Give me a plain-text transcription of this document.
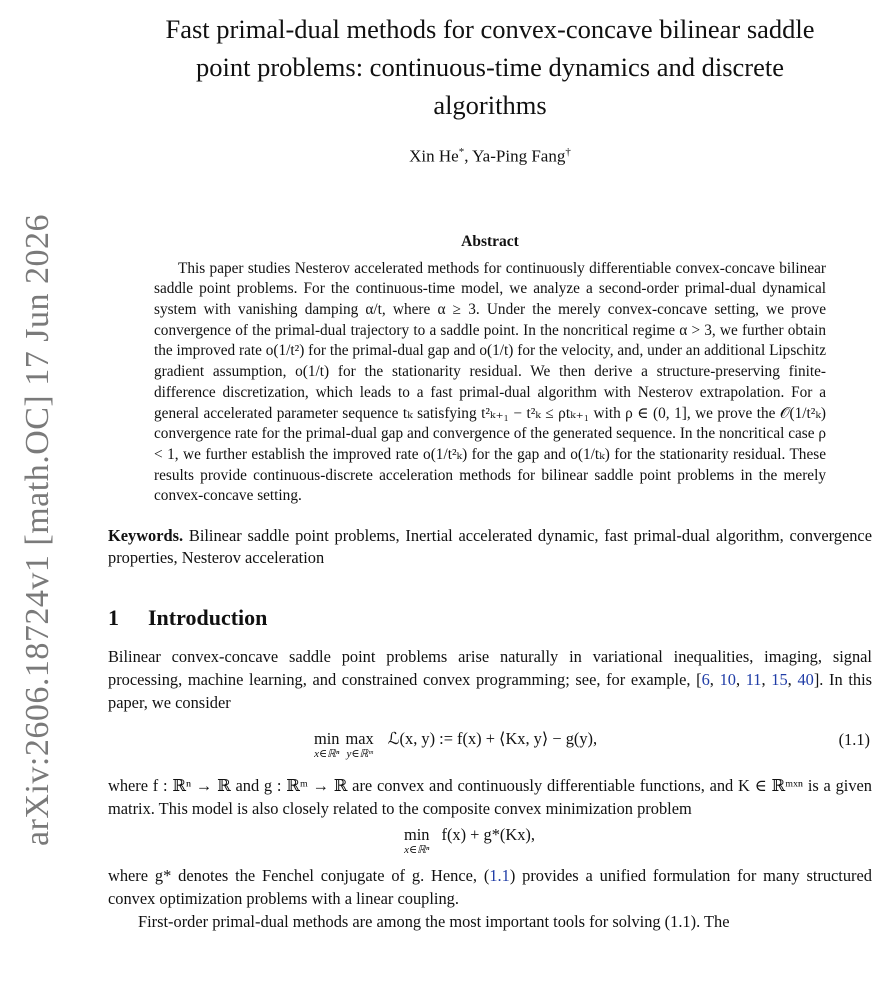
arXiv:2606.18724v1 [math.OC] 17 Jun 2026
Fast primal-dual methods for convex-concave bilinear saddle
point problems: continuous-time dynamics and discrete
algorithms
Xin He*, Ya-Ping Fang†
Abstract
This paper studies Nesterov accelerated methods for continuously differentiable convex-concave bilinear saddle point problems. For the continuous-time model, we analyze a second-order primal-dual dynamical system with vanishing damping α/t, where α ≥ 3. Under the merely convex-concave setting, we prove convergence of the primal-dual trajectory to a saddle point. In the noncritical regime α > 3, we further obtain the improved rate o(1/t²) for the primal-dual gap and o(1/t) for the velocity, and, under an additional Lipschitz gradient assumption, o(1/t) for the stationarity residual. We then derive a structure-preserving finite-difference discretization, which leads to a fast primal-dual algorithm with Nesterov extrapolation. For a general accelerated parameter sequence tₖ satisfying t²ₖ₊₁ − t²ₖ ≤ ρtₖ₊₁ with ρ ∈ (0, 1], we prove the 𝒪(1/t²ₖ) convergence rate for the primal-dual gap and convergence of the generated sequence. In the noncritical case ρ < 1, we further establish the improved rate o(1/t²ₖ) for the gap and o(1/tₖ) for the stationarity residual. These results provide continuous-discrete acceleration methods for bilinear saddle point problems in the merely convex-concave setting.
Keywords. Bilinear saddle point problems, Inertial accelerated dynamic, fast primal-dual algorithm, convergence properties, Nesterov acceleration
1 Introduction
Bilinear convex-concave saddle point problems arise naturally in variational inequalities, imaging, signal processing, machine learning, and constrained convex programming; see, for example, [6, 10, 11, 15, 40]. In this paper, we consider
min
x∈ℝⁿ
max
y∈ℝᵐ
ℒ(x, y) := f(x) + ⟨Kx, y⟩ − g(y),	(1.1)
where f : ℝⁿ → ℝ and g : ℝᵐ → ℝ are convex and continuously differentiable functions, and K ∈ ℝᵐˣⁿ is a given matrix. This model is also closely related to the composite convex minimization problem
min
x∈ℝⁿ
f(x) + g*(Kx),
where g* denotes the Fenchel conjugate of g. Hence, (1.1) provides a unified formulation for many structured convex optimization problems with a linear coupling.
First-order primal-dual methods are among the most important tools for solving (1.1). The
